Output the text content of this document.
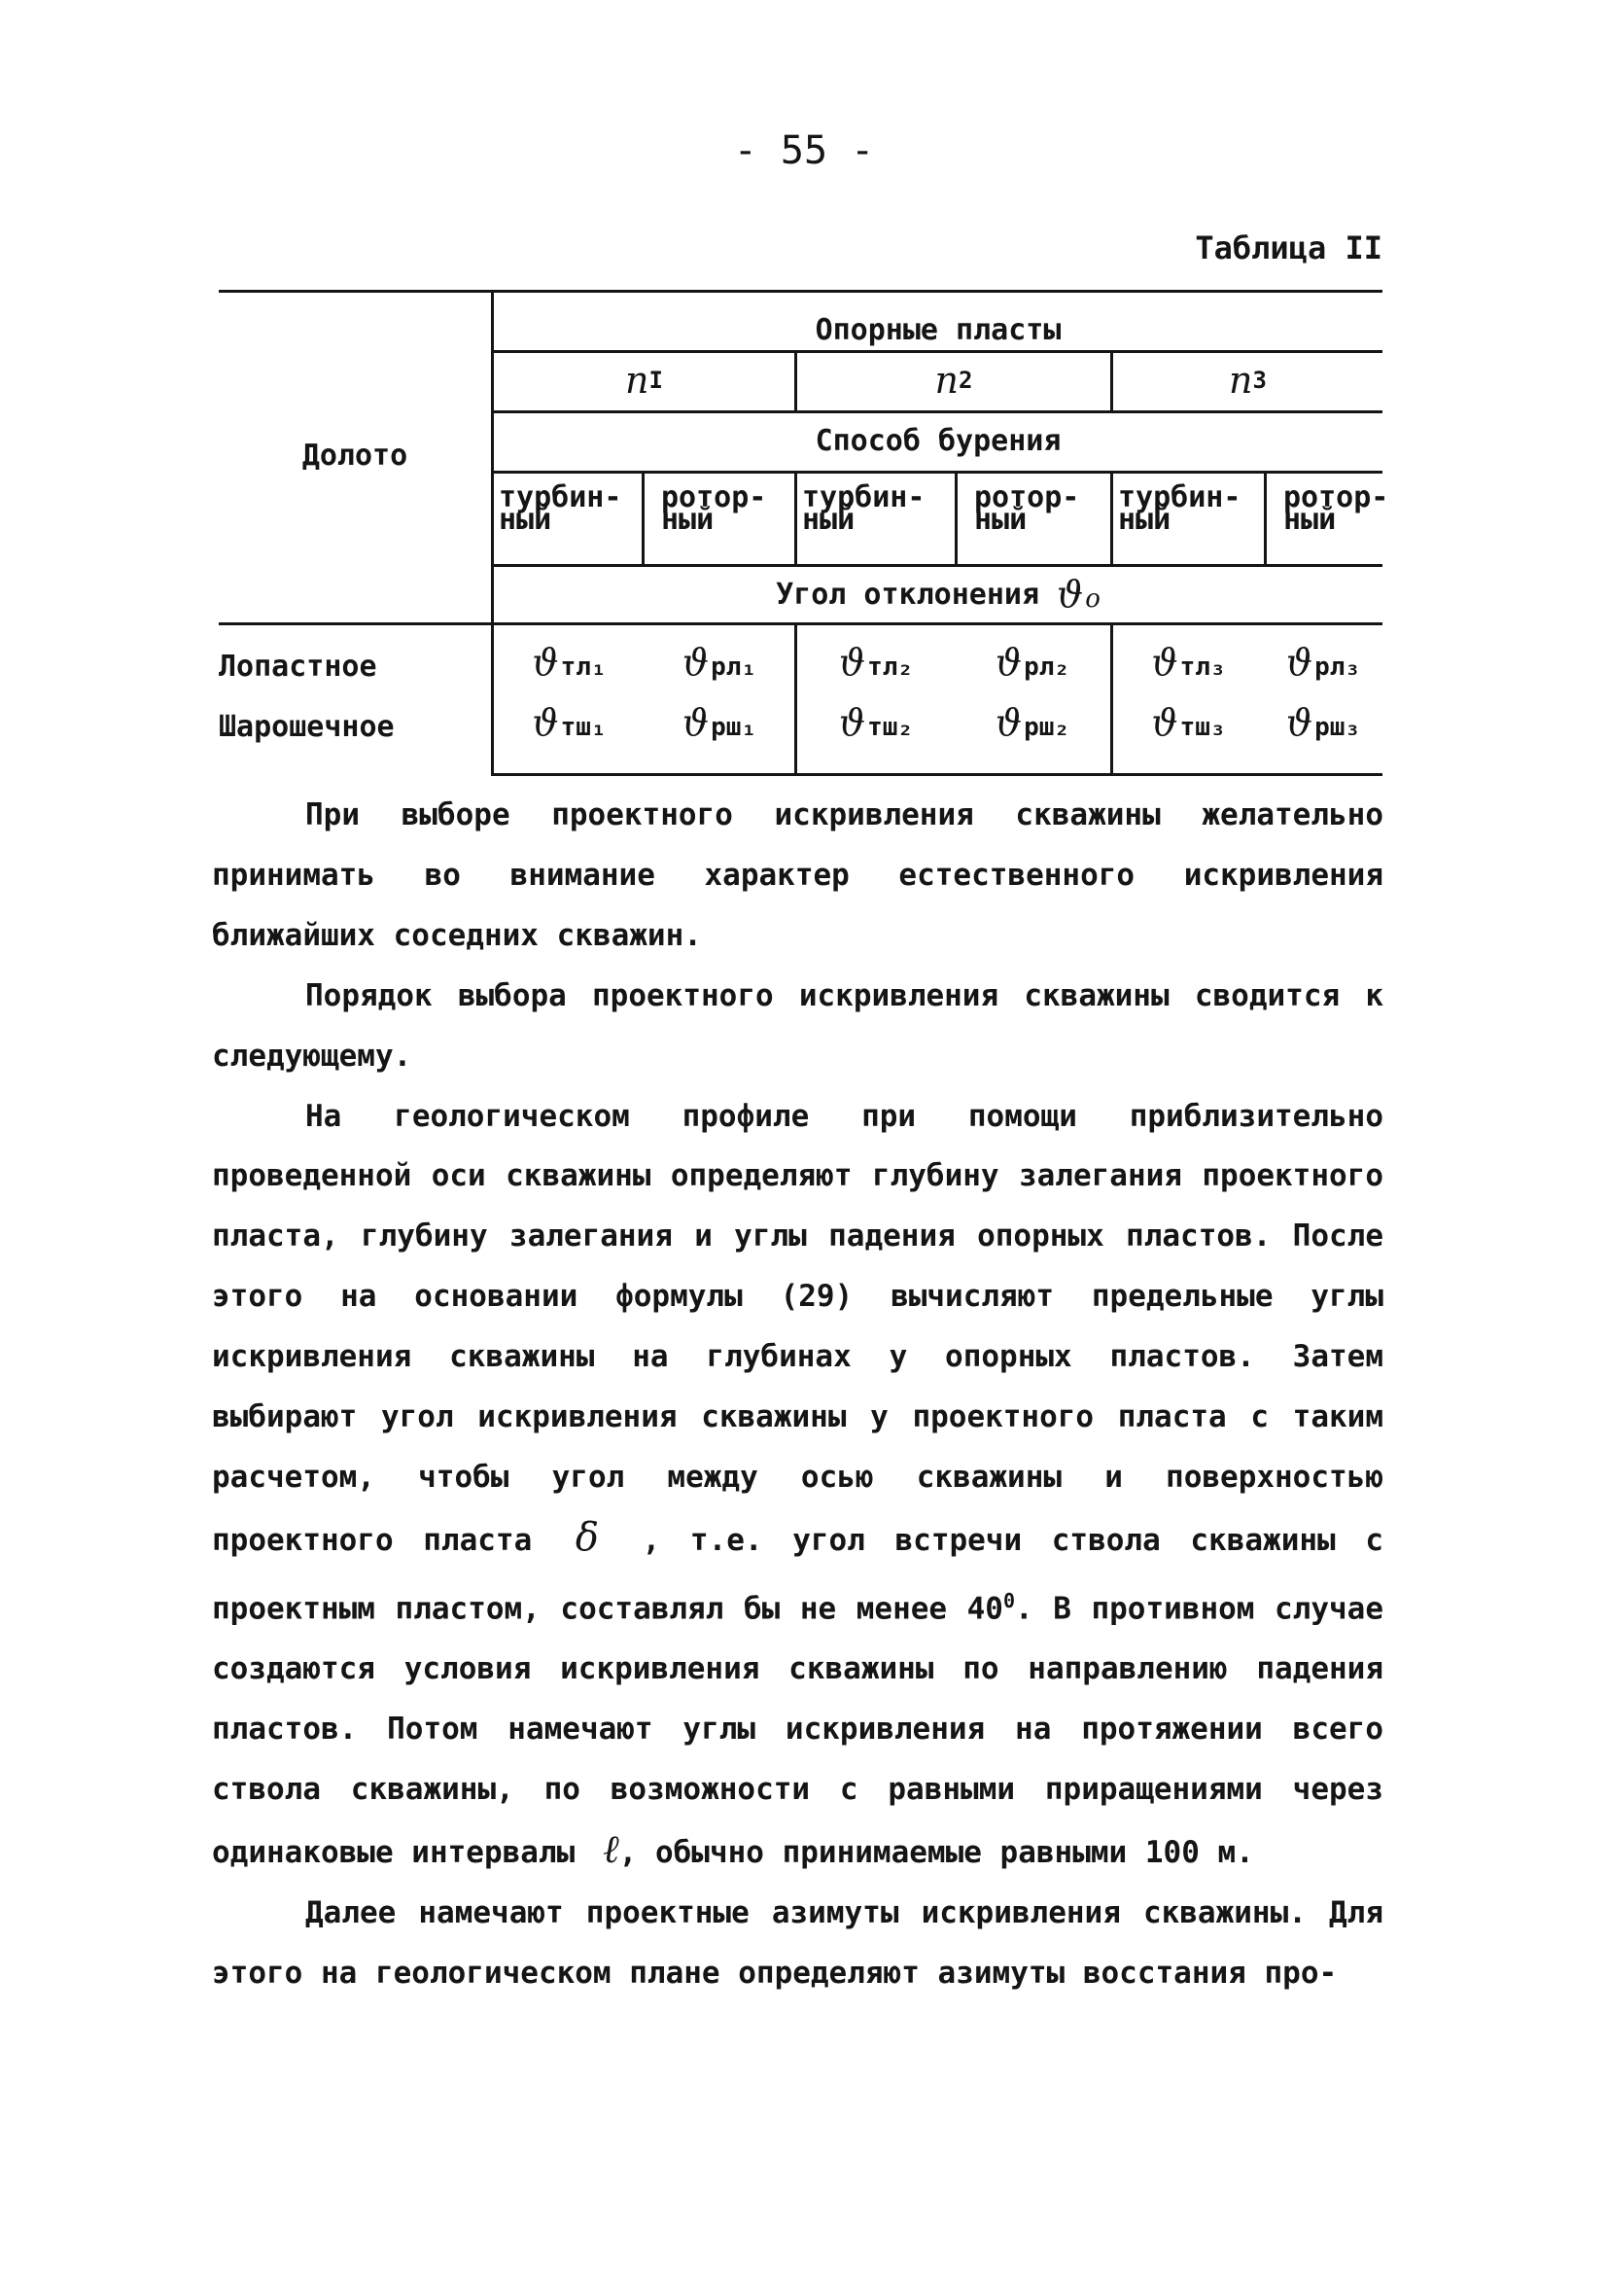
- 55 -
Таблица II
Долото
Опорные пласты
n I	n 2	n 3
Способ бурения
турбин-
ный
ротор-
ный
турбин-
ный
ротор-
ный
турбин-
ный
ротор-
ный
Угол отклонения ϑ o
Лопастное
Шарошечное
ϑ тл₁ ϑ рл₁ ϑ тл₂ ϑ рл₂ ϑ тл₃ ϑ рл₃
ϑ тш₁ ϑ рш₁ ϑ тш₂ ϑ рш₂ ϑ тш₃ ϑ рш₃

При выборе проектного искривления скважины желательно принимать во внимание характер естественного искривления ближайших соседних скважин.

Порядок выбора проектного искривления скважины сводится к следующему.

На геологическом профиле при помощи приблизительно проведенной оси скважины определяют глубину залегания проектного пласта, глубину залегания и углы падения опорных пластов. После этого на основании формулы (29) вычисляют предельные углы искривления скважины на глубинах у опорных пластов. Затем выбирают угол искривления скважины у проектного пласта с таким расчетом, чтобы угол между осью скважины и поверхностью проектного пласта δ , т.е. угол встречи ствола скважины с проектным пластом, составлял бы не менее $40^0$. В противном случае создаются условия искривления скважины по направлению падения пластов. Потом намечают углы искривления на протяжении всего ствола скважины, по возможности с равными приращениями через одинаковые интервалы ℓ, обычно принимаемые равными 100 м.

Далее намечают проектные азимуты искривления скважины. Для этого на геологическом плане определяют азимуты восстания про-
